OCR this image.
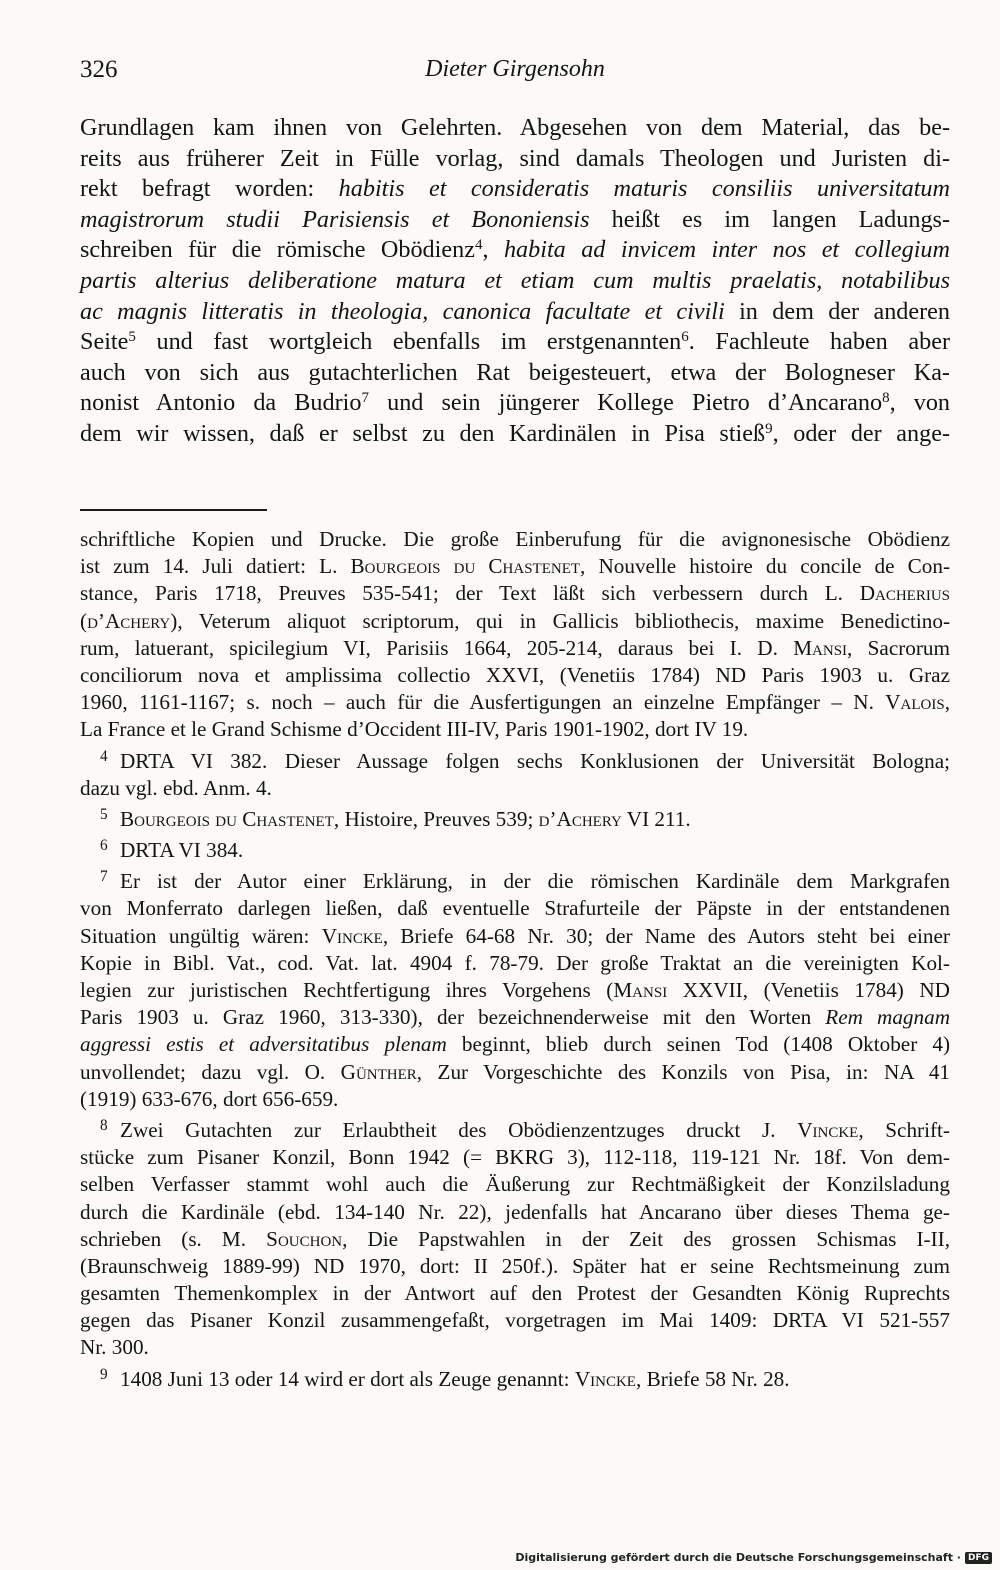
326	Dieter Girgensohn
Grundlagen kam ihnen von Gelehrten. Abgesehen von dem Material, das be-
reits aus früherer Zeit in Fülle vorlag, sind damals Theologen und Juristen di-
rekt befragt worden: habitis et consideratis maturis consiliis universitatum
magistrorum studii Parisiensis et Bononiensis heißt es im langen Ladungs-
schreiben für die römische Obödienz$^4$, habita ad invicem inter nos et collegium
partis alterius deliberatione matura et etiam cum multis praelatis, notabilibus
ac magnis litteratis in theologia, canonica facultate et civili in dem der anderen
Seite$^5$ und fast wortgleich ebenfalls im erstgenannten$^6$. Fachleute haben aber
auch von sich aus gutachterlichen Rat beigesteuert, etwa der Bologneser Ka-
nonist Antonio da Budrio$^7$ und sein jüngerer Kollege Pietro d’Ancarano$^8$, von
dem wir wissen, daß er selbst zu den Kardinälen in Pisa stieß$^9$, oder der ange-
schriftliche Kopien und Drucke. Die große Einberufung für die avignonesische Obödienz
ist zum 14. Juli datiert: L. Bourgeois du Chastenet, Nouvelle histoire du concile de Con-
stance, Paris 1718, Preuves 535-541; der Text läßt sich verbessern durch L. Dacherius
(d’Achery), Veterum aliquot scriptorum, qui in Gallicis bibliothecis, maxime Benedictino-
rum, latuerant, spicilegium VI, Parisiis 1664, 205-214, daraus bei I. D. Mansi, Sacrorum
conciliorum nova et amplissima collectio XXVI, (Venetiis 1784) ND Paris 1903 u. Graz
1960, 1161-1167; s. noch – auch für die Ausfertigungen an einzelne Empfänger – N. Valois,
La France et le Grand Schisme d’Occident III-IV, Paris 1901-1902, dort IV 19.
4 DRTA VI 382. Dieser Aussage folgen sechs Konklusionen der Universität Bologna;
dazu vgl. ebd. Anm. 4.
5 Bourgeois du Chastenet, Histoire, Preuves 539; d’Achery VI 211.
6 DRTA VI 384.
7 Er ist der Autor einer Erklärung, in der die römischen Kardinäle dem Markgrafen
von Monferrato darlegen ließen, daß eventuelle Strafurteile der Päpste in der entstandenen
Situation ungültig wären: Vincke, Briefe 64-68 Nr. 30; der Name des Autors steht bei einer
Kopie in Bibl. Vat., cod. Vat. lat. 4904 f. 78-79. Der große Traktat an die vereinigten Kol-
legien zur juristischen Rechtfertigung ihres Vorgehens (Mansi XXVII, (Venetiis 1784) ND
Paris 1903 u. Graz 1960, 313-330), der bezeichnenderweise mit den Worten Rem magnam
aggressi estis et adversitatibus plenam beginnt, blieb durch seinen Tod (1408 Oktober 4)
unvollendet; dazu vgl. O. Günther, Zur Vorgeschichte des Konzils von Pisa, in: NA 41
(1919) 633-676, dort 656-659.
8 Zwei Gutachten zur Erlaubtheit des Obödienzentzuges druckt J. Vincke, Schrift-
stücke zum Pisaner Konzil, Bonn 1942 (= BKRG 3), 112-118, 119-121 Nr. 18f. Von dem-
selben Verfasser stammt wohl auch die Äußerung zur Rechtmäßigkeit der Konzilsladung
durch die Kardinäle (ebd. 134-140 Nr. 22), jedenfalls hat Ancarano über dieses Thema ge-
schrieben (s. M. Souchon, Die Papstwahlen in der Zeit des grossen Schismas I-II,
(Braunschweig 1889-99) ND 1970, dort: II 250f.). Später hat er seine Rechtsmeinung zum
gesamten Themenkomplex in der Antwort auf den Protest der Gesandten König Ruprechts
gegen das Pisaner Konzil zusammengefaßt, vorgetragen im Mai 1409: DRTA VI 521-557
Nr. 300.
9 1408 Juni 13 oder 14 wird er dort als Zeuge genannt: Vincke, Briefe 58 Nr. 28.
Digitalisierung gefördert durch die Deutsche Forschungsgemeinschaft · DFG
